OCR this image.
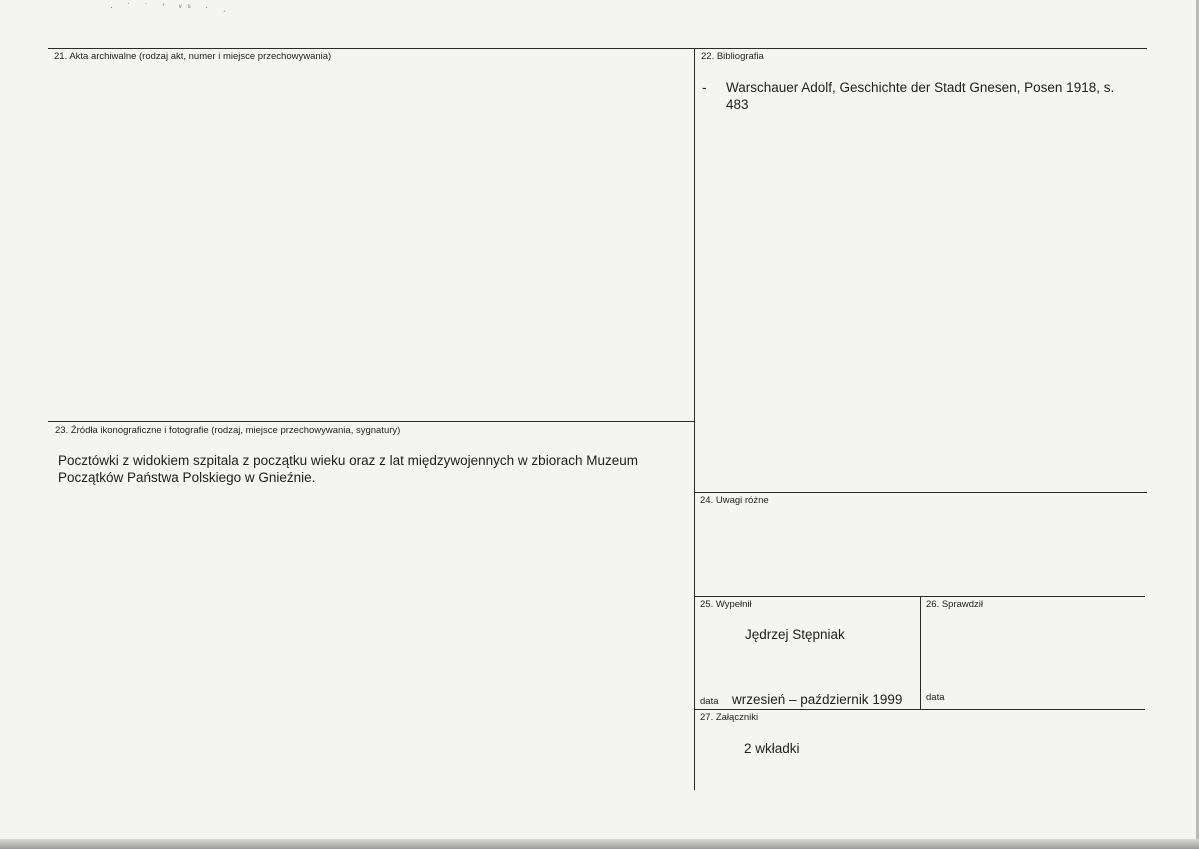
· ˙ ˙ ' ᵛˢ · ˏ
21. Akta archiwalne (rodzaj akt, numer i miejsce przechowywania)	22. Bibliografia
- Warschauer Adolf, Geschichte der Stadt Gnesen, Posen 1918, s.
483
23. Źródła ikonograficzne i fotografie (rodzaj, miejsce przechowywania, sygnatury)
Pocztówki z widokiem szpitala z początku wieku oraz z lat międzywojennych w zbiorach Muzeum
Początków Państwa Polskiego w Gnieźnie.
24. Uwagi różne
25. Wypełnił
Jędrzej Stępniak
data wrzesień – październik 1999
26. Sprawdził
data
27. Załączniki
2 wkładki
